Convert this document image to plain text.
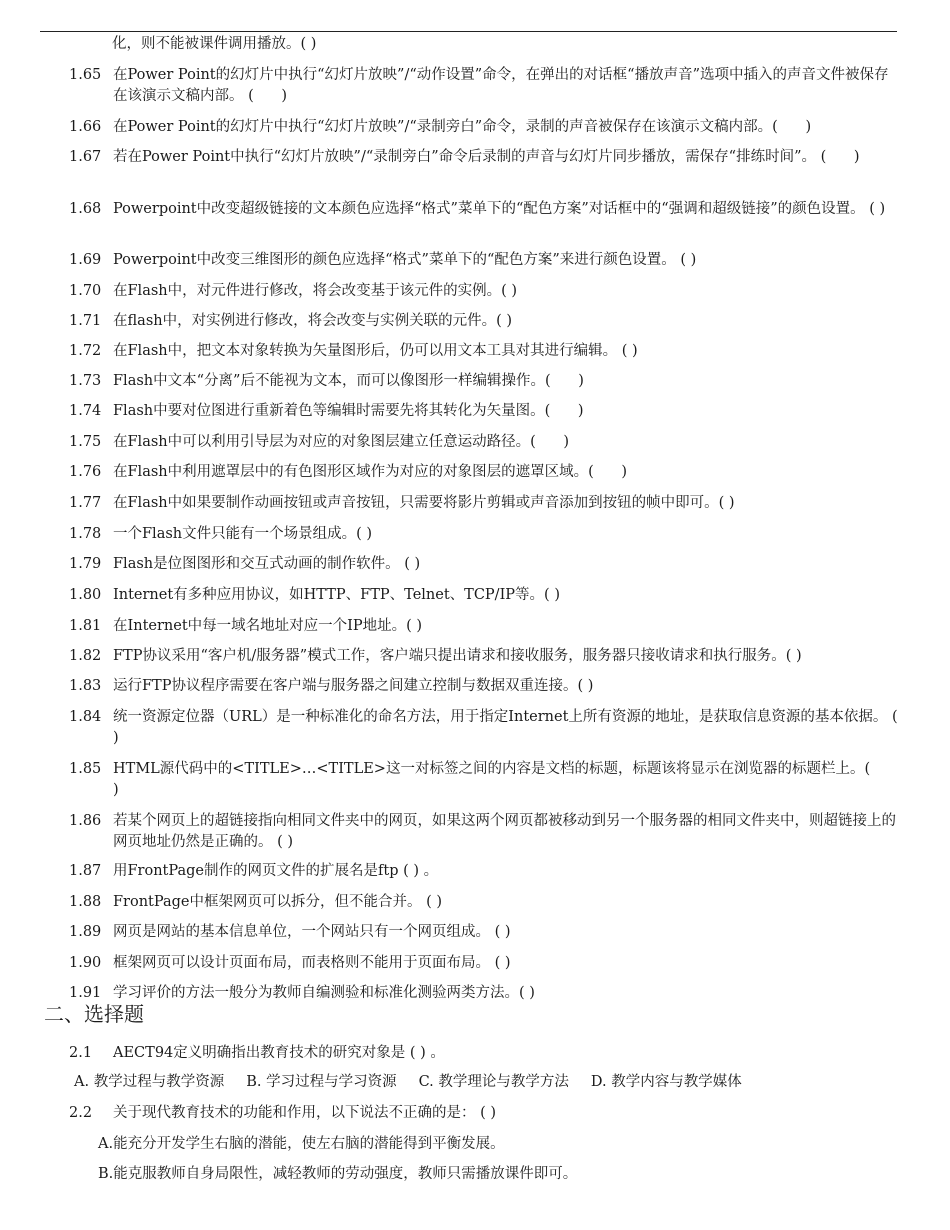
化，则不能被课件调用播放。( )
1.65 在Power Point的幻灯片中执行“幻灯片放映”/“动作设置”命令，在弹出的对话框“播放声音”选项中插入的声音文件被保存在该演示文稿内部。 (      )
1.66 在Power Point的幻灯片中执行“幻灯片放映”/“录制旁白”命令，录制的声音被保存在该演示文稿内部。(      )
1.67 若在Power Point中执行“幻灯片放映”/“录制旁白”命令后录制的声音与幻灯片同步播放，需保存“排练时间”。 (      )
1.68 Powerpoint中改变超级链接的文本颜色应选择“格式”菜单下的“配色方案”对话框中的“强调和超级链接”的颜色设置。 ( )
1.69 Powerpoint中改变三维图形的颜色应选择“格式”菜单下的“配色方案”来进行颜色设置。 ( )
1.70 在Flash中，对元件进行修改，将会改变基于该元件的实例。( )
1.71 在flash中，对实例进行修改，将会改变与实例关联的元件。( )
1.72 在Flash中，把文本对象转换为矢量图形后，仍可以用文本工具对其进行编辑。 ( )
1.73 Flash中文本“分离”后不能视为文本，而可以像图形一样编辑操作。(      )
1.74 Flash中要对位图进行重新着色等编辑时需要先将其转化为矢量图。(      )
1.75 在Flash中可以利用引导层为对应的对象图层建立任意运动路径。(      )
1.76 在Flash中利用遮罩层中的有色图形区域作为对应的对象图层的遮罩区域。(      )
1.77 在Flash中如果要制作动画按钮或声音按钮，只需要将影片剪辑或声音添加到按钮的帧中即可。( )
1.78 一个Flash文件只能有一个场景组成。( )
1.79 Flash是位图图形和交互式动画的制作软件。 ( )
1.80 Internet有多种应用协议，如HTTP、FTP、Telnet、TCP/IP等。( )
1.81 在Internet中每一域名地址对应一个IP地址。( )
1.82 FTP协议采用“客户机/服务器”模式工作，客户端只提出请求和接收服务，服务器只接收请求和执行服务。( )
1.83 运行FTP协议程序需要在客户端与服务器之间建立控制与数据双重连接。( )
1.84 统一资源定位器（URL）是一种标准化的命名方法，用于指定Internet上所有资源的地址，是获取信息资源的基本依据。 ( )
1.85 HTML源代码中的<TITLE>…<TITLE>这一对标签之间的内容是文档的标题，标题该将显示在浏览器的标题栏上。(      )
1.86 若某个网页上的超链接指向相同文件夹中的网页，如果这两个网页都被移动到另一个服务器的相同文件夹中，则超链接上的网页地址仍然是正确的。 ( )
1.87 用FrontPage制作的网页文件的扩展名是ftp ( ) 。
1.88 FrontPage中框架网页可以拆分，但不能合并。 ( )
1.89 网页是网站的基本信息单位，一个网站只有一个网页组成。 ( )
1.90 框架网页可以设计页面布局，而表格则不能用于页面布局。 ( )
1.91 学习评价的方法一般分为教师自编测验和标准化测验两类方法。( )
二、选择题
2.1	AECT94定义明确指出教育技术的研究对象是 ( ) 。
A. 教学过程与教学资源 B. 学习过程与学习资源 C. 教学理论与教学方法 D. 教学内容与教学媒体
2.2	关于现代教育技术的功能和作用，以下说法不正确的是： ( )
A.能充分开发学生右脑的潜能，使左右脑的潜能得到平衡发展。
B.能克服教师自身局限性，减轻教师的劳动强度，教师只需播放课件即可。
